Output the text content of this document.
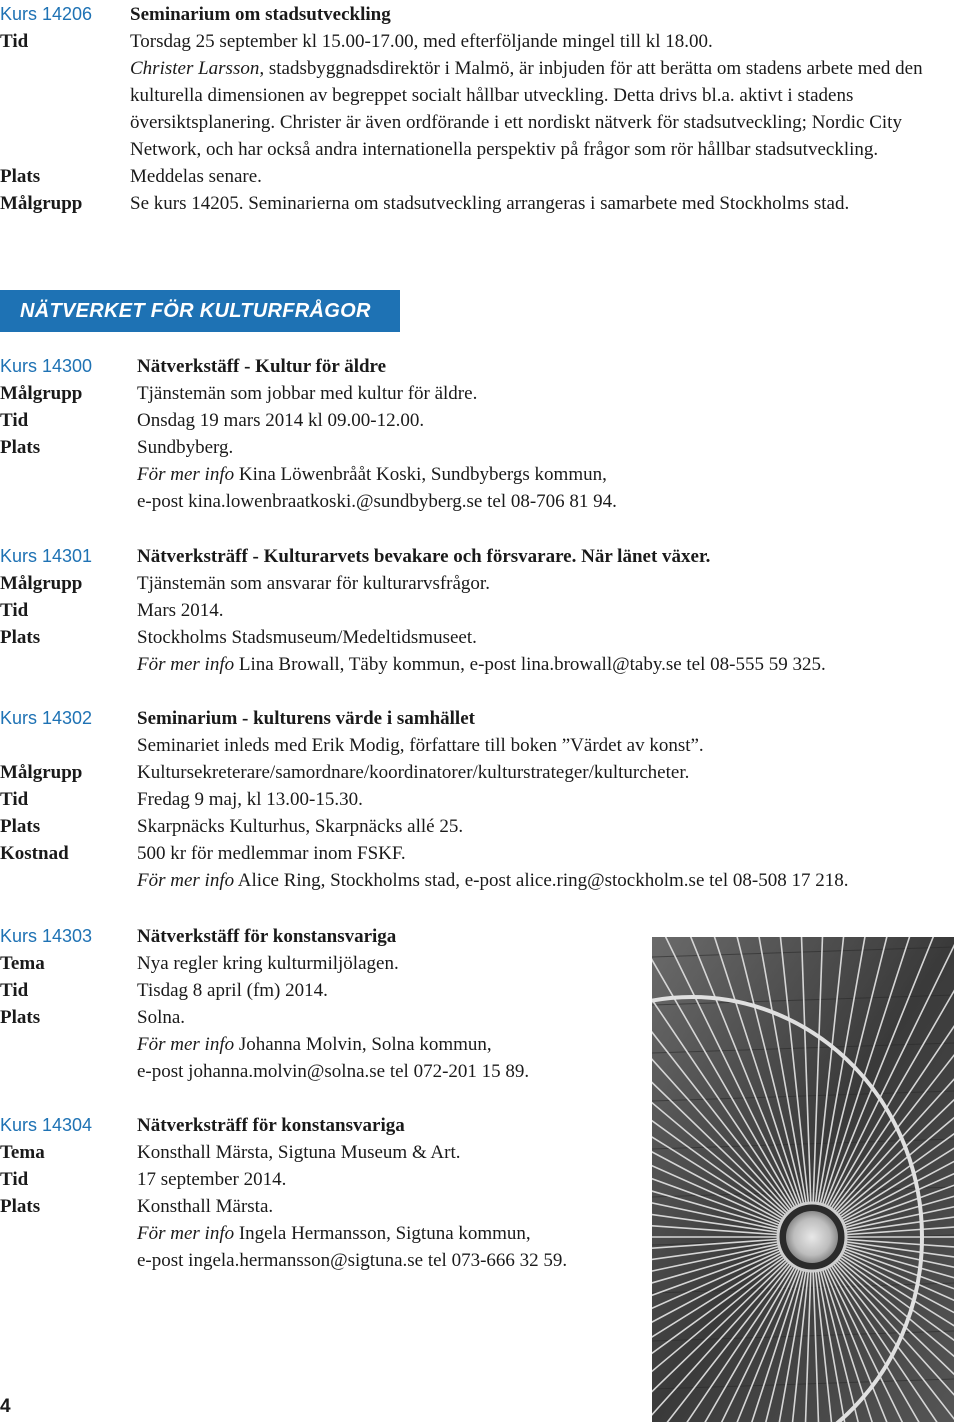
Kurs 14206	Seminarium om stadsutveckling
Tid	Torsdag 25 september kl 15.00-17.00, med efterföljande mingel till kl 18.00.
Christer Larsson, stadsbyggnadsdirektör i Malmö, är inbjuden för att berätta om stadens arbete med den kulturella dimensionen av begreppet socialt hållbar utveckling. Detta drivs bl.a. aktivt i stadens översiktsplanering. Christer är även ordförande i ett nordiskt nätverk för stadsutveckling; Nordic City Network, och har också andra internationella perspektiv på frågor som rör hållbar stadsutveckling.
Plats	Meddelas senare.
Målgrupp	Se kurs 14205. Seminarierna om stadsutveckling arrangeras i samarbete med Stockholms stad.
NÄTVERKET FÖR KULTURFRÅGOR
Kurs 14300	Nätverkstäff - Kultur för äldre
Målgrupp	Tjänstemän som jobbar med kultur för äldre.
Tid	Onsdag 19 mars 2014 kl 09.00-12.00.
Plats	Sundbyberg.
För mer info Kina Löwenbrååt Koski, Sundbybergs kommun,
e-post kina.lowenbraatkoski.@sundbyberg.se tel 08-706 81 94.
Kurs 14301	Nätverksträff - Kulturarvets bevakare och försvarare. När länet växer.
Målgrupp	Tjänstemän som ansvarar för kulturarvsfrågor.
Tid	Mars 2014.
Plats	Stockholms Stadsmuseum/Medeltidsmuseet.
För mer info Lina Browall, Täby kommun, e-post lina.browall@taby.se tel 08-555 59 325.
Kurs 14302	Seminarium - kulturens värde i samhället
Seminariet inleds med Erik Modig, författare till boken ”Värdet av konst”.
Målgrupp	Kultursekreterare/samordnare/koordinatorer/kulturstrateger/kulturcheter.
Tid	Fredag 9 maj, kl 13.00-15.30.
Plats	Skarpnäcks Kulturhus, Skarpnäcks allé 25.
Kostnad	500 kr för medlemmar inom FSKF.
För mer info Alice Ring, Stockholms stad, e-post alice.ring@stockholm.se tel 08-508 17 218.
Kurs 14303	Nätverkstäff för konstansvariga
Tema	Nya regler kring kulturmiljölagen.
Tid	Tisdag 8 april (fm) 2014.
Plats	Solna.
För mer info Johanna Molvin, Solna kommun,
e-post johanna.molvin@solna.se tel 072-201 15 89.
Kurs 14304	Nätverksträff för konstansvariga
Tema	Konsthall Märsta, Sigtuna Museum & Art.
Tid	17 september 2014.
Plats	Konsthall Märsta.
För mer info Ingela Hermansson, Sigtuna kommun,
e-post ingela.hermansson@sigtuna.se tel 073-666 32 59.
4
